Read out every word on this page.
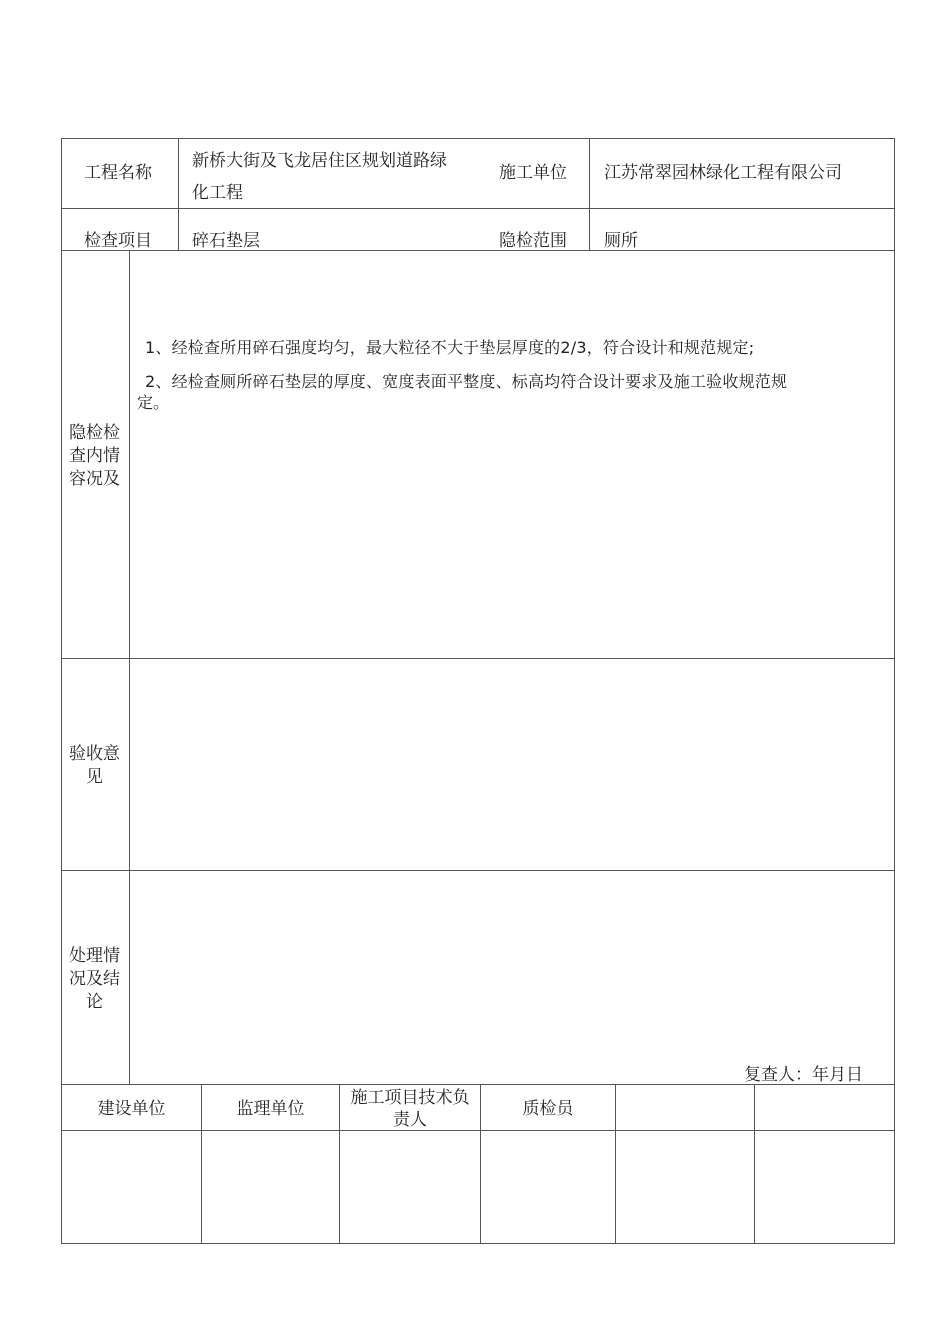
工程名称
新桥大街及飞龙居住区规划道路绿
化工程
施工单位 江苏常翠园林绿化工程有限公司
检查项目 碎石垫层	隐检范围 厕所
隐检检
查内情
容况及
1、经检查所用碎石强度均匀，最大粒径不大于垫层厚度的2/3，符合设计和规范规定;
2、经检查厕所碎石垫层的厚度、宽度表面平整度、标高均符合设计要求及施工验收规范规
定。
验收意
见
处理情
况及结
论
复查人：年月日
建设单位	监理单位
施工项目技术负
责人
质检员
